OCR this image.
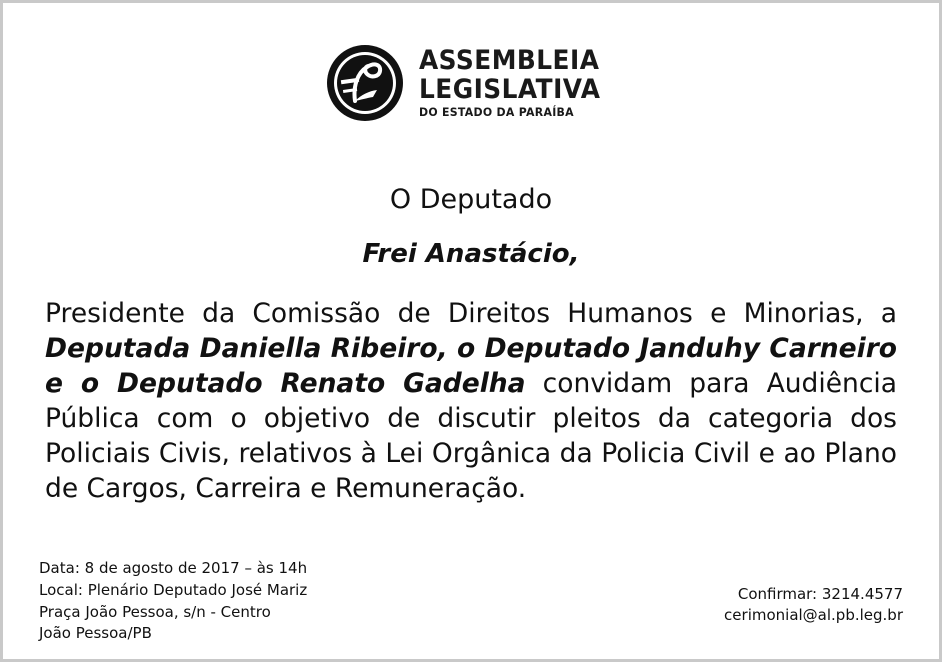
ASSEMBLEIA
LEGISLATIVA
DO ESTADO DA PARAÍBA
O Deputado
Frei Anastácio,
Presidente da Comissão de Direitos Humanos e Minorias, a Deputada Daniella Ribeiro, o Deputado Janduhy Carneiro e o Deputado Renato Gadelha convidam para Audiência Pública com o objetivo de discutir pleitos da categoria dos Policiais Civis, relativos à Lei Orgânica da Policia Civil e ao Plano de Cargos, Carreira e Remuneração.
Data: 8 de agosto de 2017 – às 14h
Local: Plenário Deputado José Mariz
Praça João Pessoa, s/n - Centro
João Pessoa/PB
Confirmar: 3214.4577
cerimonial@al.pb.leg.br
